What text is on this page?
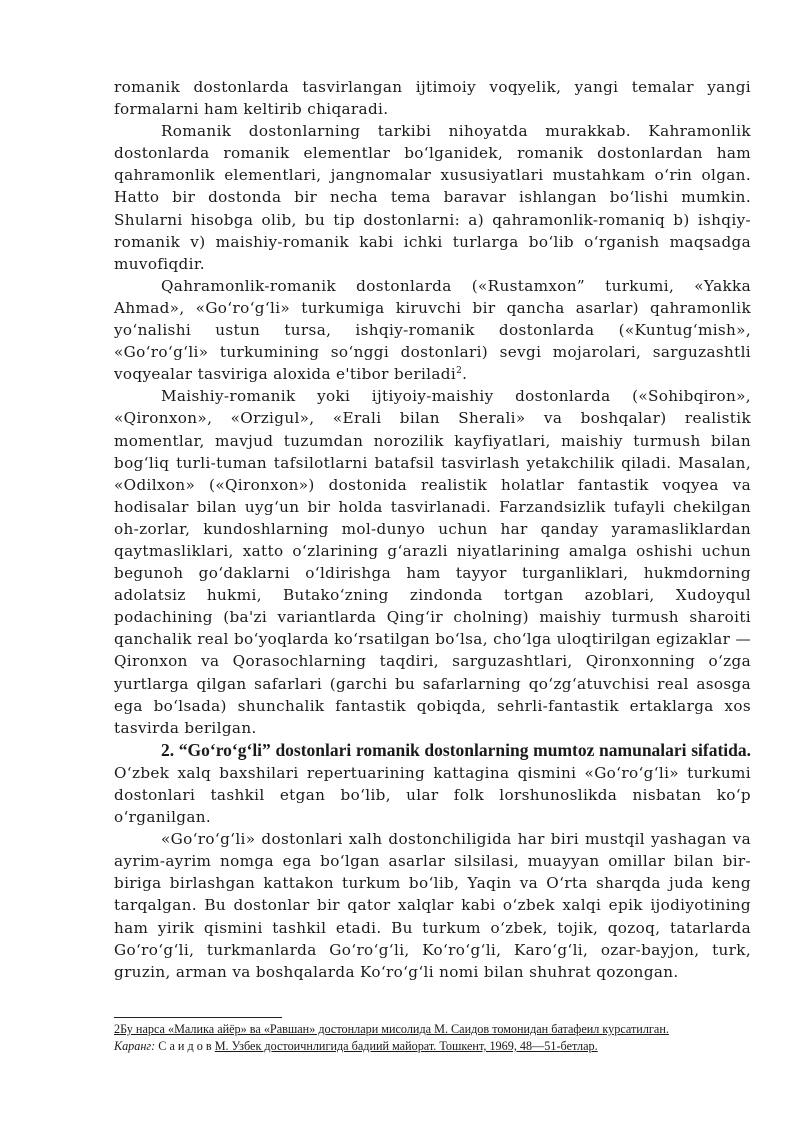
romanik dostonlarda tasvirlangan ijtimoiy voqyelik, yangi temalar yangi formalarni ham keltirib chiqaradi.

Romanik dostonlarning tarkibi nihoyatda murakkab. Kahramonlik dostonlarda romanik elementlar bo‘lganidek, romanik dostonlardan ham qahramonlik elementlari, jangnomalar xususiyatlari mustahkam o‘rin olgan. Hatto bir dostonda bir necha tema baravar ishlangan bo‘lishi mumkin. Shularni hisobga olib, bu tip dostonlarni: a) qahramonlik-romaniq b) ishqiy-romanik v) maishiy-romanik kabi ichki turlarga bo‘lib o‘rganish maqsadga muvofiqdir.

Qahramonlik-romanik dostonlarda («Rustamxon” turkumi, «Yakka Ahmad», «Go‘ro‘g‘li» turkumiga kiruvchi bir qancha asarlar) qahramonlik yo‘nalishi ustun tursa, ishqiy-romanik dostonlarda («Kuntug‘mish», «Go‘ro‘g‘li» turkumining so‘nggi dostonlari) sevgi mojarolari, sarguzashtli voqyealar tasviriga aloxida e'tibor beriladi$^2$.

Maishiy-romanik yoki ijtiyoiy-maishiy dostonlarda («Sohibqiron», «Qironxon», «Orzigul», «Erali bilan Sherali» va boshqalar) realistik momentlar, mavjud tuzumdan norozilik kayfiyatlari, maishiy turmush bilan bog‘liq turli-tuman tafsilotlarni batafsil tasvirlash yetakchilik qiladi. Masalan, «Odilxon» («Qironxon») dostonida realistik holatlar fantastik voqyea va hodisalar bilan uyg‘un bir holda tasvirlanadi. Farzandsizlik tufayli chekilgan oh-zorlar, kundoshlarning mol-dunyo uchun har qanday yaramasliklardan qaytmasliklari, xatto o‘zlarining g‘arazli niyatlarining amalga oshishi uchun begunoh go‘daklarni o‘ldirishga ham tayyor turganliklari, hukmdorning adolatsiz hukmi, Butako‘zning zindonda tortgan azoblari, Xudoyqul podachining (ba'zi variantlarda Qing‘ir cholning) maishiy turmush sharoiti qanchalik real bo‘yoqlarda ko‘rsatilgan bo‘lsa, cho‘lga uloqtirilgan egizaklar — Qironxon va Qorasochlarning taqdiri, sarguzashtlari, Qironxonning o‘zga yurtlarga qilgan safarlari (garchi bu safarlarning qo‘zg‘atuvchisi real asosga ega bo‘lsada) shunchalik fantastik qobiqda, sehrli-fantastik ertaklarga xos tasvirda berilgan.

2. “Go‘ro‘g‘li” dostonlari romanik dostonlarning mumtoz namunalari sifatida. O‘zbek xalq baxshilari repertuarining kattagina qismini «Go‘ro‘g‘li» turkumi dostonlari tashkil etgan bo‘lib, ular folk lorshunoslikda nisbatan ko‘p o‘rganilgan.

«Go‘ro‘g‘li» dostonlari xalh dostonchiligida har biri mustqil yashagan va ayrim-ayrim nomga ega bo‘lgan asarlar silsilasi, muayyan omillar bilan bir-biriga birlashgan kattakon turkum bo‘lib, Yaqin va O‘rta sharqda juda keng tarqalgan. Bu dostonlar bir qator xalqlar kabi o‘zbek xalqi epik ijodiyotining ham yirik qismini tashkil etadi. Bu turkum o‘zbek, tojik, qozoq, tatarlarda Go‘ro‘g‘li, turkmanlarda Go‘ro‘g‘li, Ko‘ro‘g‘li, Karo‘g‘li, ozar-bayjon, turk, gruzin, arman va boshqalarda Ko‘ro‘g‘li nomi bilan shuhrat qozongan.

2Бу нарса «Малика айёр» ва «Равшан» достонлари мисолида М. Саидов томонидан батафеил курсатилган.

Каранг: С а и д о в М. Узбек достоичнлигида бадиий майорат. Тошкент, 1969, 48—51-бетлар.
